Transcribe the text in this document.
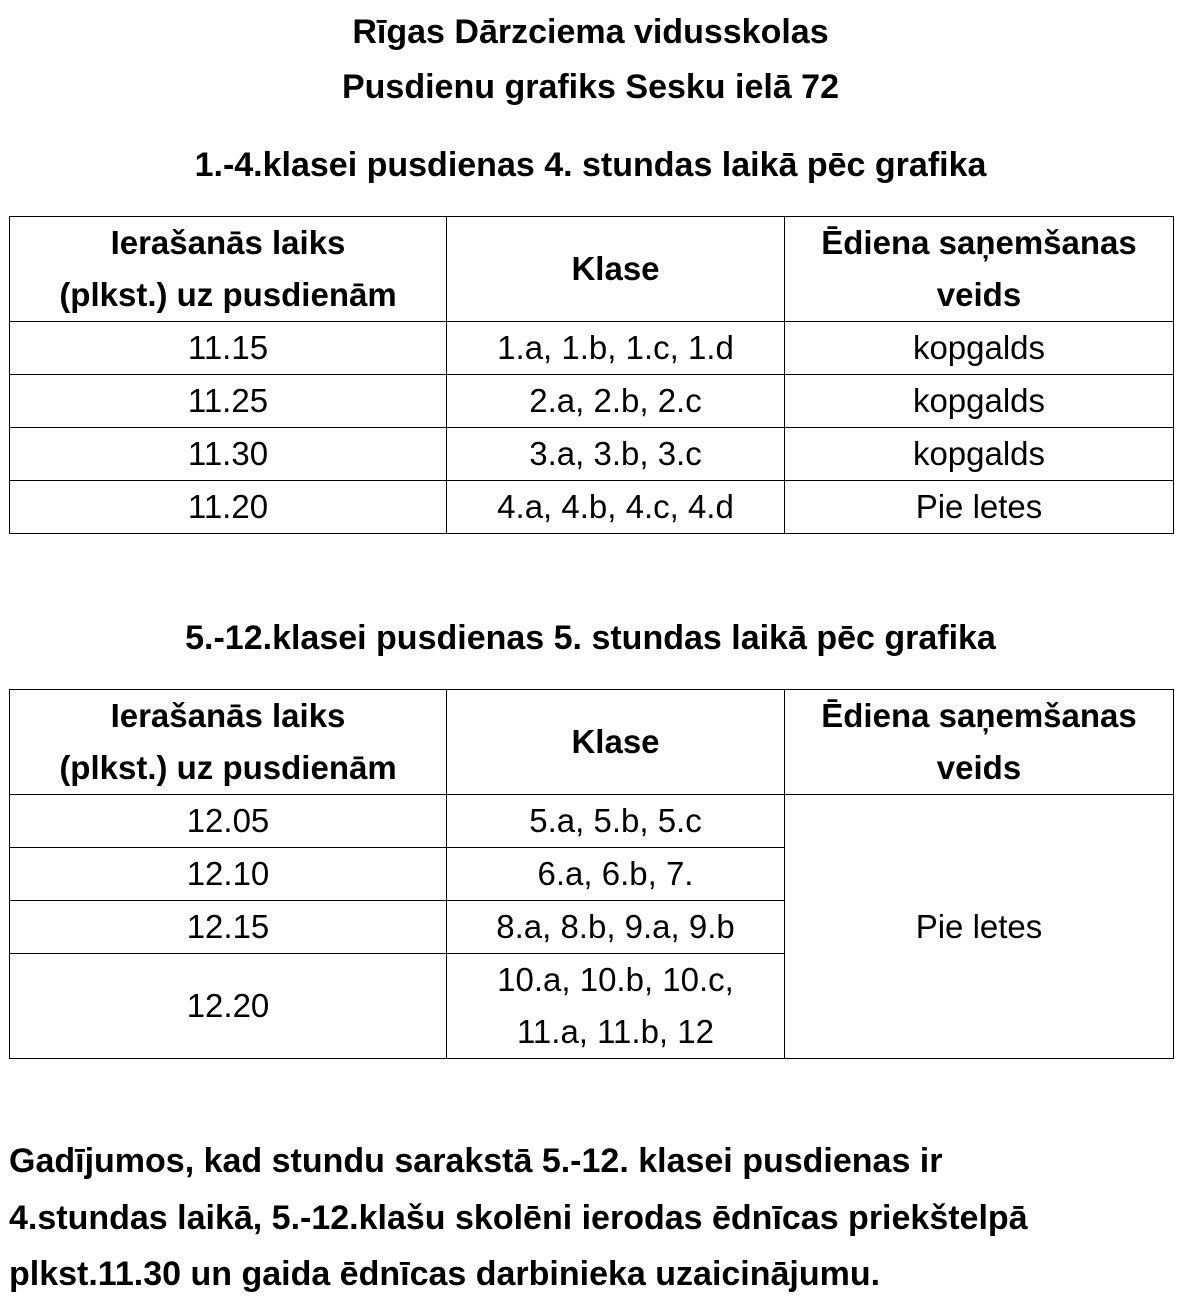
Rīgas Dārzciema vidusskolas
Pusdienu grafiks Sesku ielā 72
1.-4.klasei pusdienas 4. stundas laikā pēc grafika
Ierašanās laiks
(plkst.) uz pusdienām	Klase	Ēdiena saņemšanas
veids

11.15	1.a, 1.b, 1.c, 1.d	kopgalds
11.25	2.a, 2.b, 2.c	kopgalds
11.30	3.a, 3.b, 3.c	kopgalds
11.20	4.a, 4.b, 4.c, 4.d	Pie letes
5.-12.klasei pusdienas 5. stundas laikā pēc grafika
Ierašanās laiks
(plkst.) uz pusdienām	Klase	Ēdiena saņemšanas
veids

12.05	5.a, 5.b, 5.c	Pie letes
12.10	6.a, 6.b, 7.	
12.15	8.a, 8.b, 9.a, 9.b	
12.20	10.a, 10.b, 10.c,
11.a, 11.b, 12	
Gadījumos, kad stundu sarakstā 5.-12. klasei pusdienas ir
4.stundas laikā, 5.-12.klašu skolēni ierodas ēdnīcas priekštelpā
plkst.11.30 un gaida ēdnīcas darbinieka uzaicinājumu.
